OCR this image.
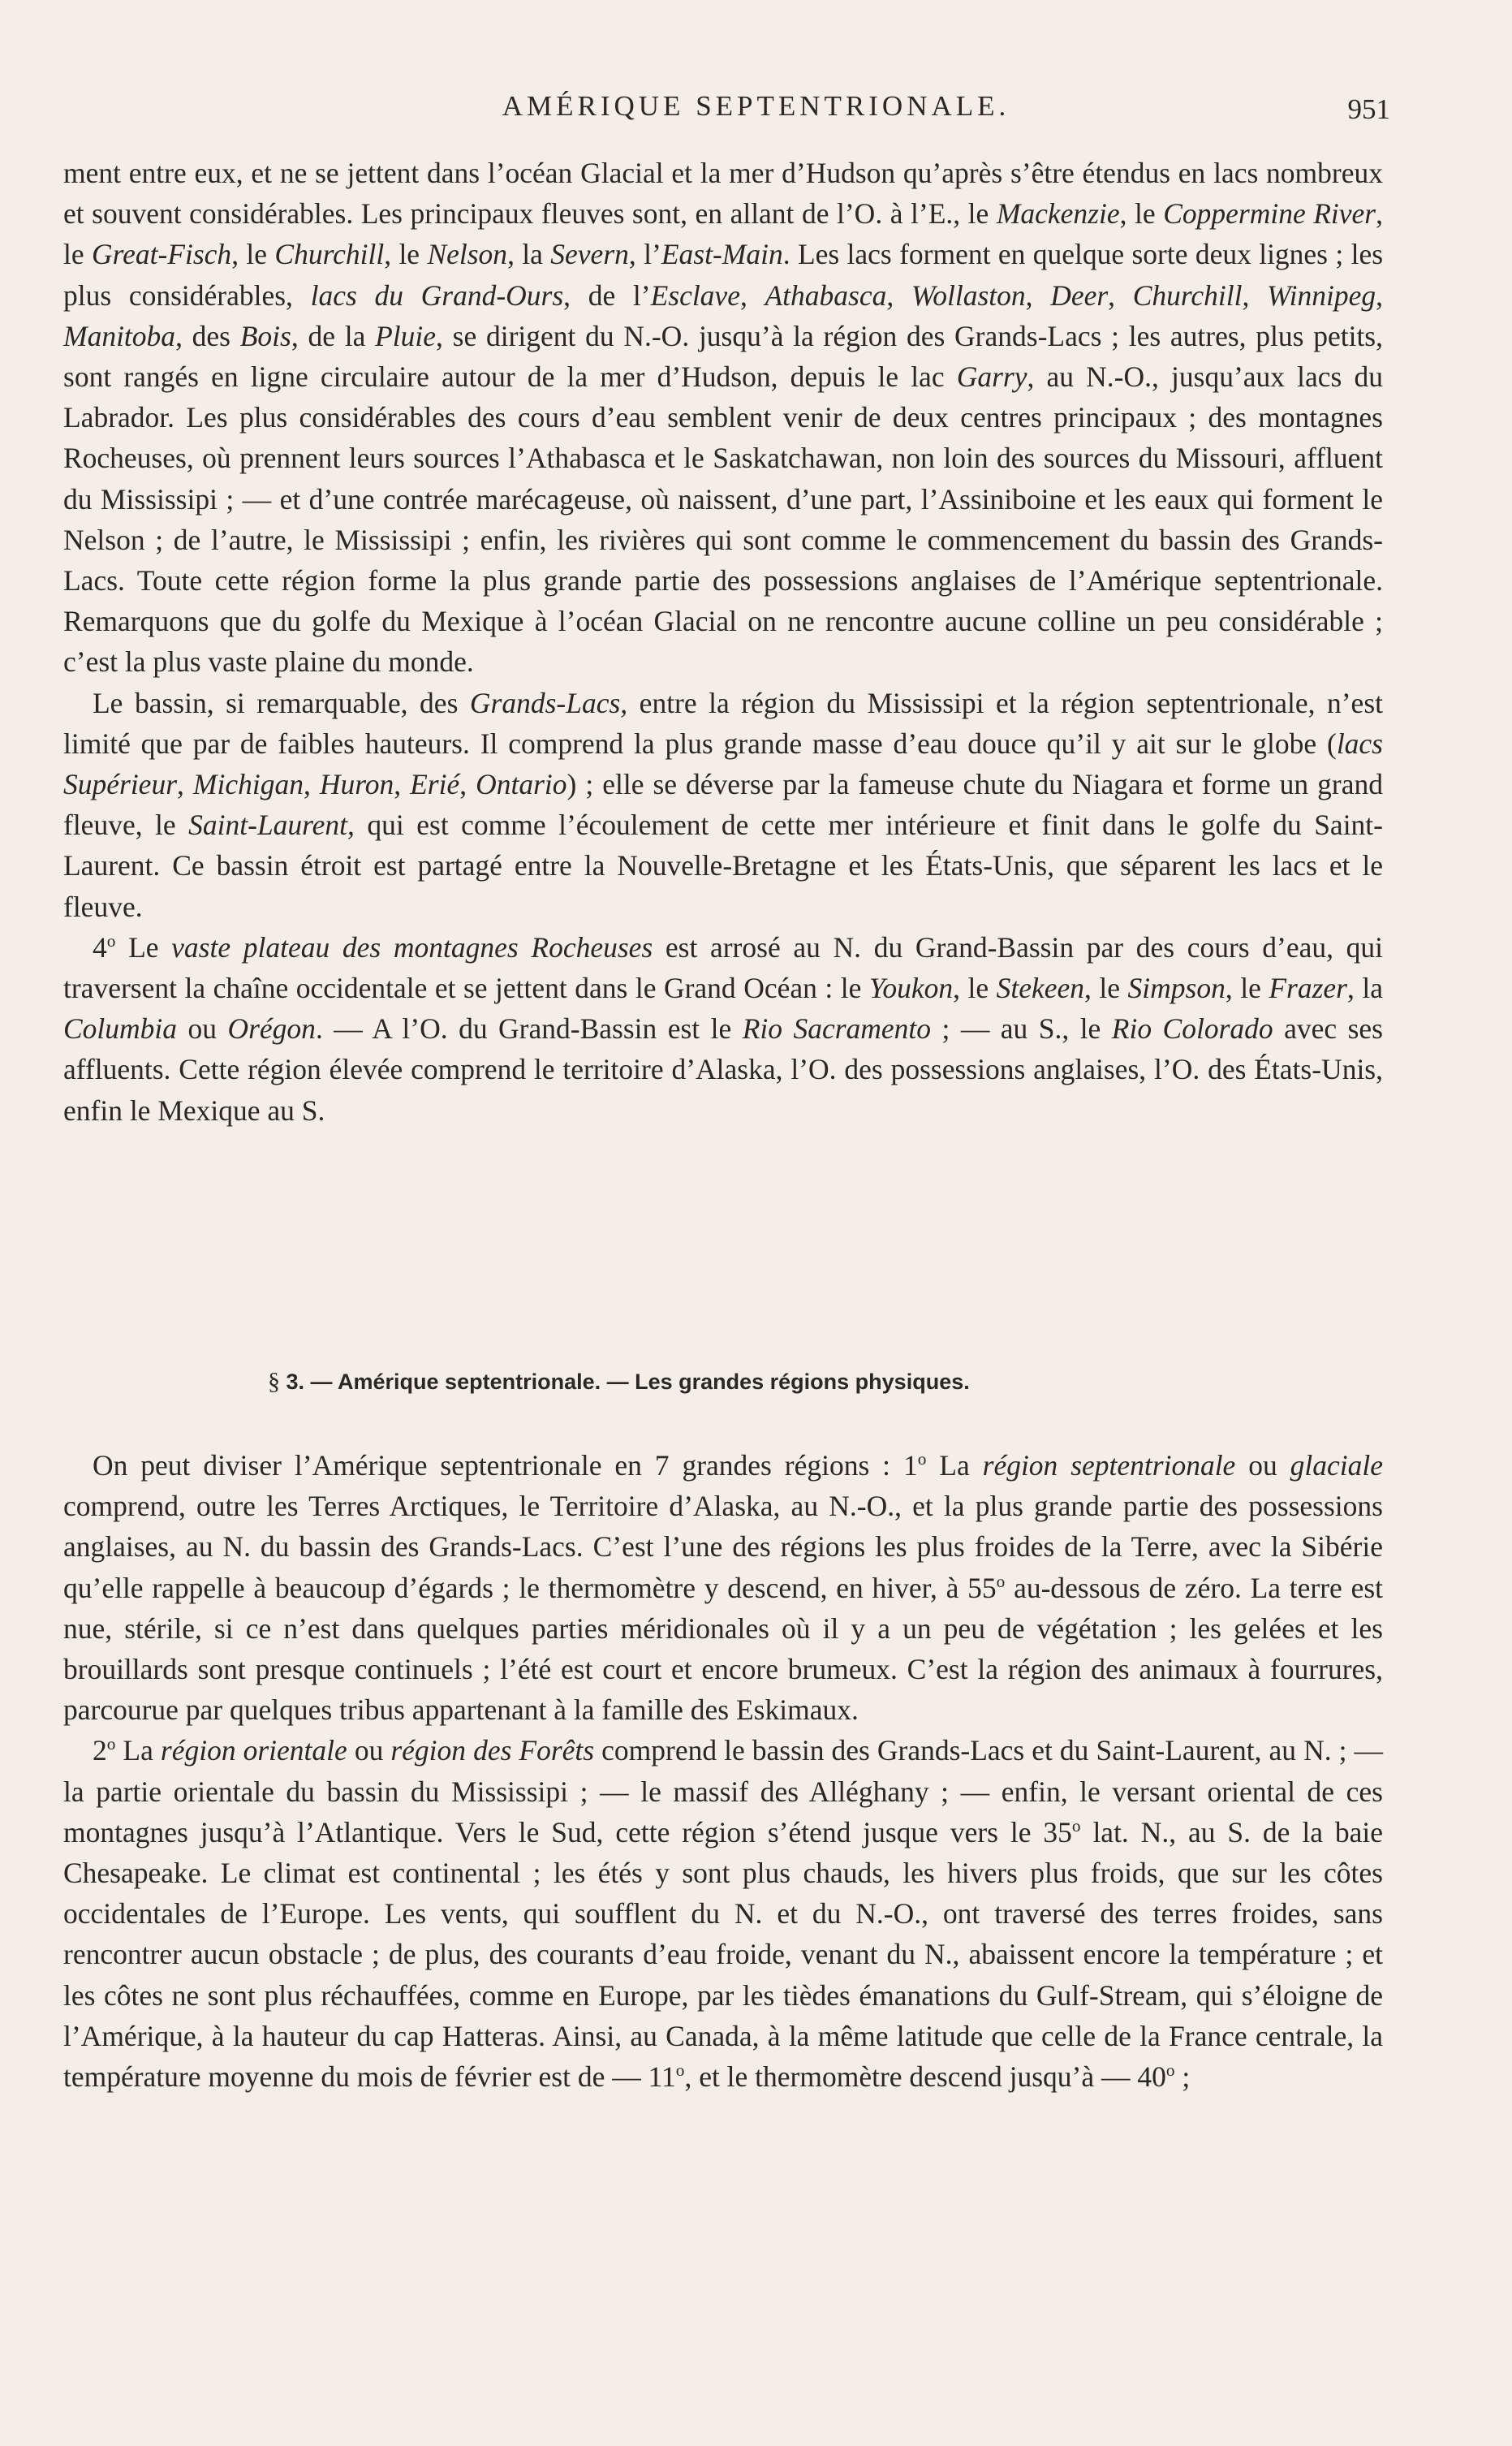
AMÉRIQUE SEPTENTRIONALE.	951

ment entre eux, et ne se jettent dans l’océan Glacial et la mer d’Hudson qu’après s’être étendus en lacs nombreux et souvent considérables. Les principaux fleuves sont, en allant de l’O. à l’E., le Mackenzie, le Coppermine River, le Great-Fisch, le Churchill, le Nelson, la Severn, l’East-Main. Les lacs forment en quelque sorte deux lignes ; les plus considérables, lacs du Grand-Ours, de l’Esclave, Athabasca, Wollaston, Deer, Churchill, Winnipeg, Manitoba, des Bois, de la Pluie, se dirigent du N.-O. jusqu’à la région des Grands-Lacs ; les autres, plus petits, sont rangés en ligne circulaire autour de la mer d’Hudson, depuis le lac Garry, au N.-O., jusqu’aux lacs du Labrador. Les plus considérables des cours d’eau semblent venir de deux centres principaux ; des montagnes Rocheuses, où prennent leurs sources l’Athabasca et le Saskatchawan, non loin des sources du Missouri, affluent du Mississipi ; — et d’une contrée marécageuse, où naissent, d’une part, l’Assiniboine et les eaux qui forment le Nelson ; de l’autre, le Mississipi ; enfin, les rivières qui sont comme le commencement du bassin des Grands-Lacs. Toute cette région forme la plus grande partie des possessions anglaises de l’Amérique septentrionale. Remarquons que du golfe du Mexique à l’océan Glacial on ne rencontre aucune colline un peu considérable ; c’est la plus vaste plaine du monde.

Le bassin, si remarquable, des Grands-Lacs, entre la région du Mississipi et la région septentrionale, n’est limité que par de faibles hauteurs. Il comprend la plus grande masse d’eau douce qu’il y ait sur le globe (lacs Supérieur, Michigan, Huron, Erié, Ontario) ; elle se déverse par la fameuse chute du Niagara et forme un grand fleuve, le Saint-Laurent, qui est comme l’écoulement de cette mer intérieure et finit dans le golfe du Saint-Laurent. Ce bassin étroit est partagé entre la Nouvelle-Bretagne et les États-Unis, que séparent les lacs et le fleuve.

4$^o$ Le vaste plateau des montagnes Rocheuses est arrosé au N. du Grand-Bassin par des cours d’eau, qui traversent la chaîne occidentale et se jettent dans le Grand Océan : le Youkon, le Stekeen, le Simpson, le Frazer, la Columbia ou Orégon. — A l’O. du Grand-Bassin est le Rio Sacramento ; — au S., le Rio Colorado avec ses affluents. Cette région élevée comprend le territoire d’Alaska, l’O. des possessions anglaises, l’O. des États-Unis, enfin le Mexique au S.

§ 3. — Amérique septentrionale. — Les grandes régions physiques.

On peut diviser l’Amérique septentrionale en 7 grandes régions : 1$^o$ La région septentrionale ou glaciale comprend, outre les Terres Arctiques, le Territoire d’Alaska, au N.-O., et la plus grande partie des possessions anglaises, au N. du bassin des Grands-Lacs. C’est l’une des régions les plus froides de la Terre, avec la Sibérie qu’elle rappelle à beaucoup d’égards ; le thermomètre y descend, en hiver, à 55$^o$ au-dessous de zéro. La terre est nue, stérile, si ce n’est dans quelques parties méridionales où il y a un peu de végétation ; les gelées et les brouillards sont presque continuels ; l’été est court et encore brumeux. C’est la région des animaux à fourrures, parcourue par quelques tribus appartenant à la famille des Eskimaux.

2$^o$ La région orientale ou région des Forêts comprend le bassin des Grands-Lacs et du Saint-Laurent, au N. ; — la partie orientale du bassin du Mississipi ; — le massif des Alléghany ; — enfin, le versant oriental de ces montagnes jusqu’à l’Atlantique. Vers le Sud, cette région s’étend jusque vers le 35$^o$ lat. N., au S. de la baie Chesapeake. Le climat est continental ; les étés y sont plus chauds, les hivers plus froids, que sur les côtes occidentales de l’Europe. Les vents, qui soufflent du N. et du N.-O., ont traversé des terres froides, sans rencontrer aucun obstacle ; de plus, des courants d’eau froide, venant du N., abaissent encore la température ; et les côtes ne sont plus réchauffées, comme en Europe, par les tièdes émanations du Gulf-Stream, qui s’éloigne de l’Amérique, à la hauteur du cap Hatteras. Ainsi, au Canada, à la même latitude que celle de la France centrale, la température moyenne du mois de février est de — 11$^o$, et le thermomètre descend jusqu’à — 40$^o$ ;
